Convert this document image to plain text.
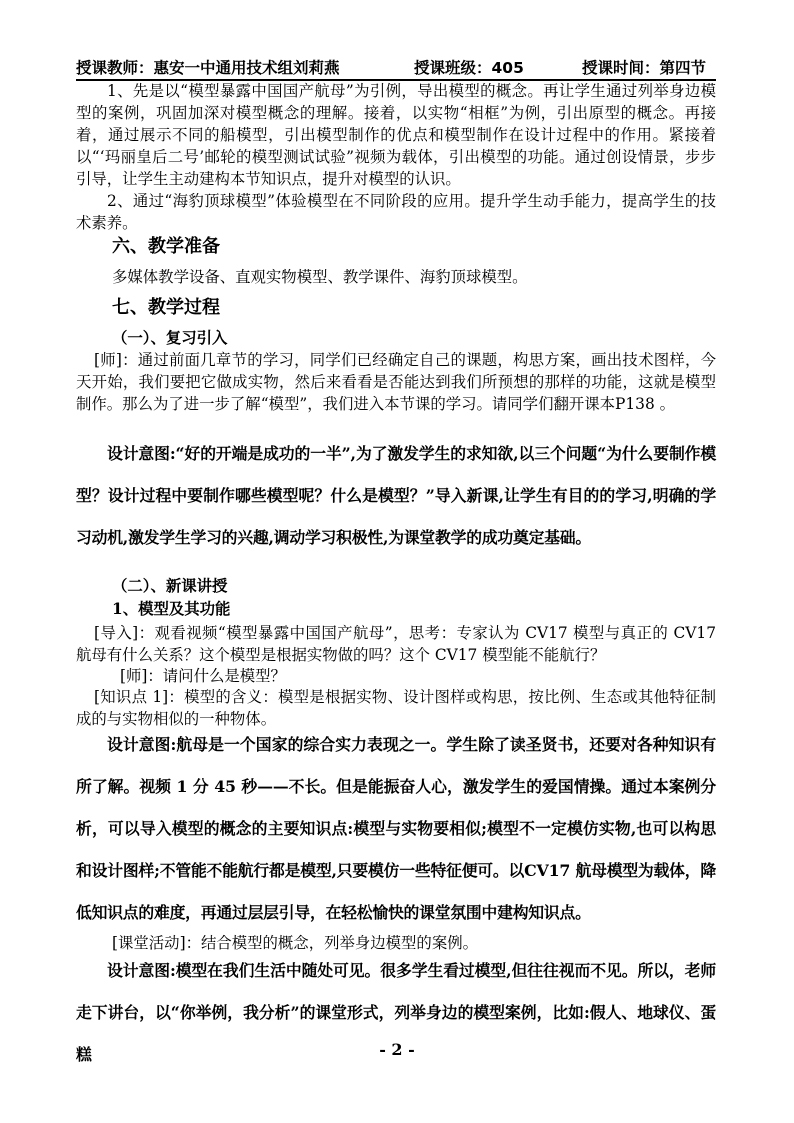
授课教师：惠安一中通用技术组刘莉燕	授课班级：405	授课时间：第四节
1、先是以“模型暴露中国国产航母”为引例，导出模型的概念。再让学生通过列举身边模型的案例，巩固加深对模型概念的理解。接着，以实物“相框”为例，引出原型的概念。再接着，通过展示不同的船模型，引出模型制作的优点和模型制作在设计过程中的作用。紧接着以“‘玛丽皇后二号’邮轮的模型测试试验”视频为载体，引出模型的功能。通过创设情景，步步引导，让学生主动建构本节知识点，提升对模型的认识。
2、通过“海豹顶球模型”体验模型在不同阶段的应用。提升学生动手能力，提高学生的技术素养。
六、教学准备
多媒体教学设备、直观实物模型、教学课件、海豹顶球模型。
七、教学过程
（一）、复习引入
[师]：通过前面几章节的学习，同学们已经确定自己的课题，构思方案，画出技术图样，今天开始，我们要把它做成实物，然后来看看是否能达到我们所预想的那样的功能，这就是模型制作。那么为了进一步了解“模型”，我们进入本节课的学习。请同学们翻开课本P138 。
设计意图:“好的开端是成功的一半”,为了激发学生的求知欲,以三个问题“为什么要制作模型？设计过程中要制作哪些模型呢？什么是模型？”导入新课,让学生有目的的学习,明确的学习动机,激发学生学习的兴趣,调动学习积极性,为课堂教学的成功奠定基础。
（二）、新课讲授
1、模型及其功能
[导入]：观看视频“模型暴露中国国产航母”，思考：专家认为 CV17 模型与真正的 CV17 航母有什么关系？这个模型是根据实物做的吗？这个 CV17 模型能不能航行？
[师]：请问什么是模型？
[知识点 1]：模型的含义：模型是根据实物、设计图样或构思，按比例、生态或其他特征制成的与实物相似的一种物体。
设计意图:航母是一个国家的综合实力表现之一。学生除了读圣贤书，还要对各种知识有所了解。视频 1 分 45 秒——不长。但是能振奋人心，激发学生的爱国情操。通过本案例分析，可以导入模型的概念的主要知识点:模型与实物要相似;模型不一定模仿实物,也可以构思和设计图样;不管能不能航行都是模型,只要模仿一些特征便可。以CV17 航母模型为载体，降低知识点的难度，再通过层层引导，在轻松愉快的课堂氛围中建构知识点。
[课堂活动]：结合模型的概念，列举身边模型的案例。
设计意图:模型在我们生活中随处可见。很多学生看过模型,但往往视而不见。所以，老师走下讲台，以“你举例，我分析”的课堂形式，列举身边的模型案例，比如:假人、地球仪、蛋糕	- 2 -
